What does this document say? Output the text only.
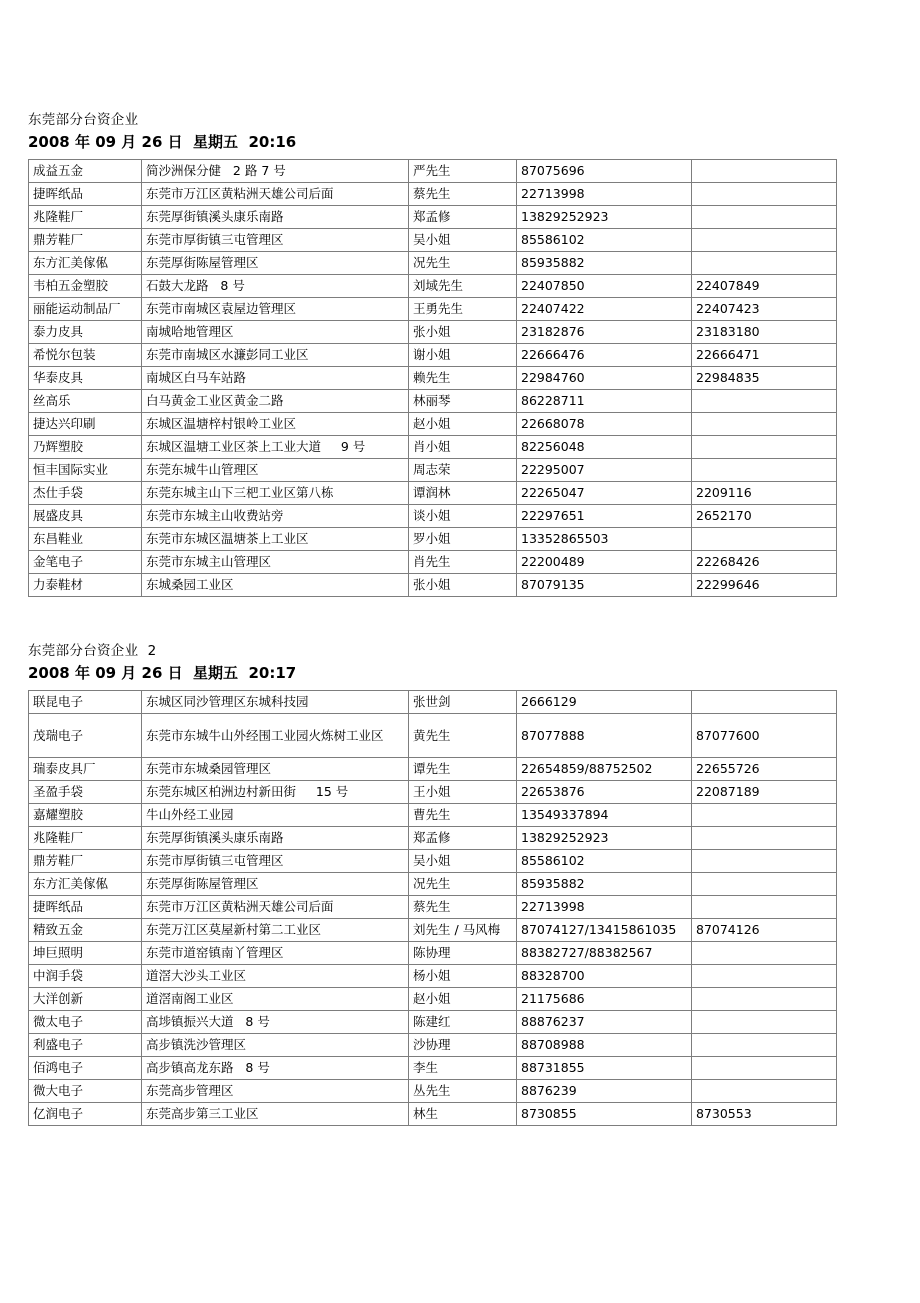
东莞部分台资企业
2008 年 09 月 26 日  星期五  20:16
成益五金	简沙洲保分健   2 路 7 号	严先生	87075696	
捷晖纸品	东莞市万江区黄粘洲天雄公司后面	蔡先生	22713998	
兆隆鞋厂	东莞厚街镇溪头康乐南路	郑孟修	13829252923	
鼎芳鞋厂	东莞市厚街镇三屯管理区	吴小姐	85586102	
东方汇美傢俬	东莞厚街陈屋管理区	况先生	85935882	
韦柏五金塑胶	石鼓大龙路   8 号	刘域先生	22407850	22407849
丽能运动制品厂	东莞市南城区袁屋边管理区	王勇先生	22407422	22407423
泰力皮具	南城哈地管理区	张小姐	23182876	23183180
希悦尔包装	东莞市南城区水濂彭同工业区	谢小姐	22666476	22666471
华泰皮具	南城区白马车站路	赖先生	22984760	22984835
丝高乐	白马黄金工业区黄金二路	林丽琴	86228711	
捷达兴印刷	东城区温塘梓村银岭工业区	赵小姐	22668078	
乃辉塑胶	东城区温塘工业区茶上工业大道     9 号	肖小姐	82256048	
恒丰国际实业	东莞东城牛山管理区	周志荣	22295007	
杰仕手袋	东莞东城主山下三杷工业区第八栋	谭润林	22265047	2209116
展盛皮具	东莞市东城主山收费站旁	谈小姐	22297651	2652170
东昌鞋业	东莞市东城区温塘茶上工业区	罗小姐	13352865503	
金笔电子	东莞市东城主山管理区	肖先生	22200489	22268426
力泰鞋材	东城桑园工业区	张小姐	87079135	22299646
东莞部分台资企业  2
2008 年 09 月 26 日  星期五  20:17
联昆电子	东城区同沙管理区东城科技园	张世剑	2666129	
茂瑞电子	东莞市东城牛山外经围工业园火炼树工业区	黄先生	87077888	87077600
瑞泰皮具厂	东莞市东城桑园管理区	谭先生	22654859/88752502	22655726
圣盈手袋	东莞东城区柏洲边村新田街     15 号	王小姐	22653876	22087189
嘉耀塑胶	牛山外经工业园	曹先生	13549337894	
兆隆鞋厂	东莞厚街镇溪头康乐南路	郑孟修	13829252923	
鼎芳鞋厂	东莞市厚街镇三屯管理区	吴小姐	85586102	
东方汇美傢俬	东莞厚街陈屋管理区	况先生	85935882	
捷晖纸品	东莞市万江区黄粘洲天雄公司后面	蔡先生	22713998	
精致五金	东莞万江区莫屋新村第二工业区	刘先生 / 马风梅	87074127/13415861035	87074126
坤巨照明	东莞市道窑镇南丫管理区	陈协理	88382727/88382567	
中润手袋	道滘大沙头工业区	杨小姐	88328700	
大洋创新	道滘南阁工业区	赵小姐	21175686	
微太电子	高埗镇振兴大道   8 号	陈建红	88876237	
利盛电子	高步镇洗沙管理区	沙协理	88708988	
佰鸿电子	高步镇高龙东路   8 号	李生	88731855	
微大电子	东莞高步管理区	丛先生	8876239	
亿润电子	东莞高步第三工业区	林生	8730855	8730553
